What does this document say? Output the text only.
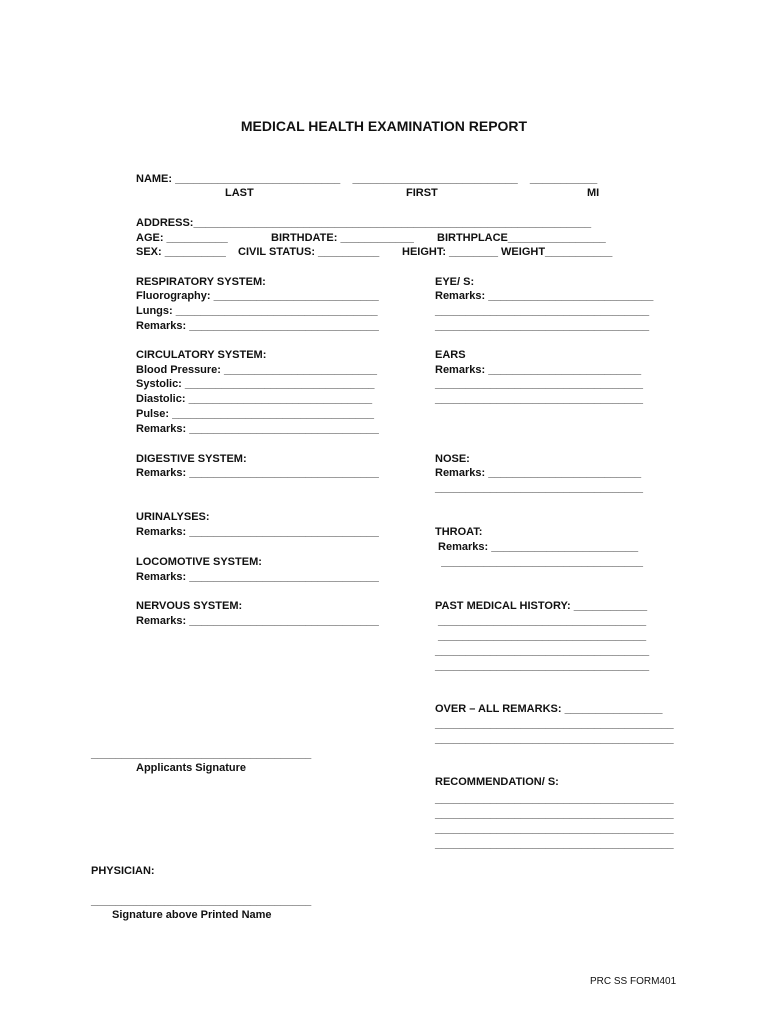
MEDICAL HEALTH EXAMINATION REPORT
NAME: ___________________________    ___________________________    ___________
LAST	FIRST	MI
ADDRESS:_________________________________________________________________
AGE: __________	BIRTHDATE: ____________ BIRTHPLACE________________
SEX: __________ CIVIL STATUS: __________ HEIGHT: ________ WEIGHT___________
RESPIRATORY SYSTEM:
Fluorography: ___________________________
Lungs: _________________________________
Remarks: _______________________________
CIRCULATORY SYSTEM:
Blood Pressure: _________________________
Systolic: _______________________________
Diastolic: ______________________________
Pulse: _________________________________
Remarks: _______________________________
DIGESTIVE SYSTEM:
Remarks: _______________________________
URINALYSES:
Remarks: _______________________________
LOCOMOTIVE SYSTEM:
Remarks: _______________________________
NERVOUS SYSTEM:
Remarks: _______________________________
EYE/ S:
Remarks: ___________________________
___________________________________
___________________________________
EARS
Remarks: _________________________
__________________________________
__________________________________
NOSE:
Remarks: _________________________
__________________________________
THROAT:
Remarks: ________________________
_________________________________
PAST MEDICAL HISTORY: ____________
__________________________________
__________________________________
___________________________________
___________________________________
OVER – ALL REMARKS: ________________
_______________________________________
_______________________________________
RECOMMENDATION/ S:
_______________________________________
_______________________________________
_______________________________________
_______________________________________
____________________________________
Applicants Signature
PHYSICIAN:
____________________________________
Signature above Printed Name
PRC SS FORM401
